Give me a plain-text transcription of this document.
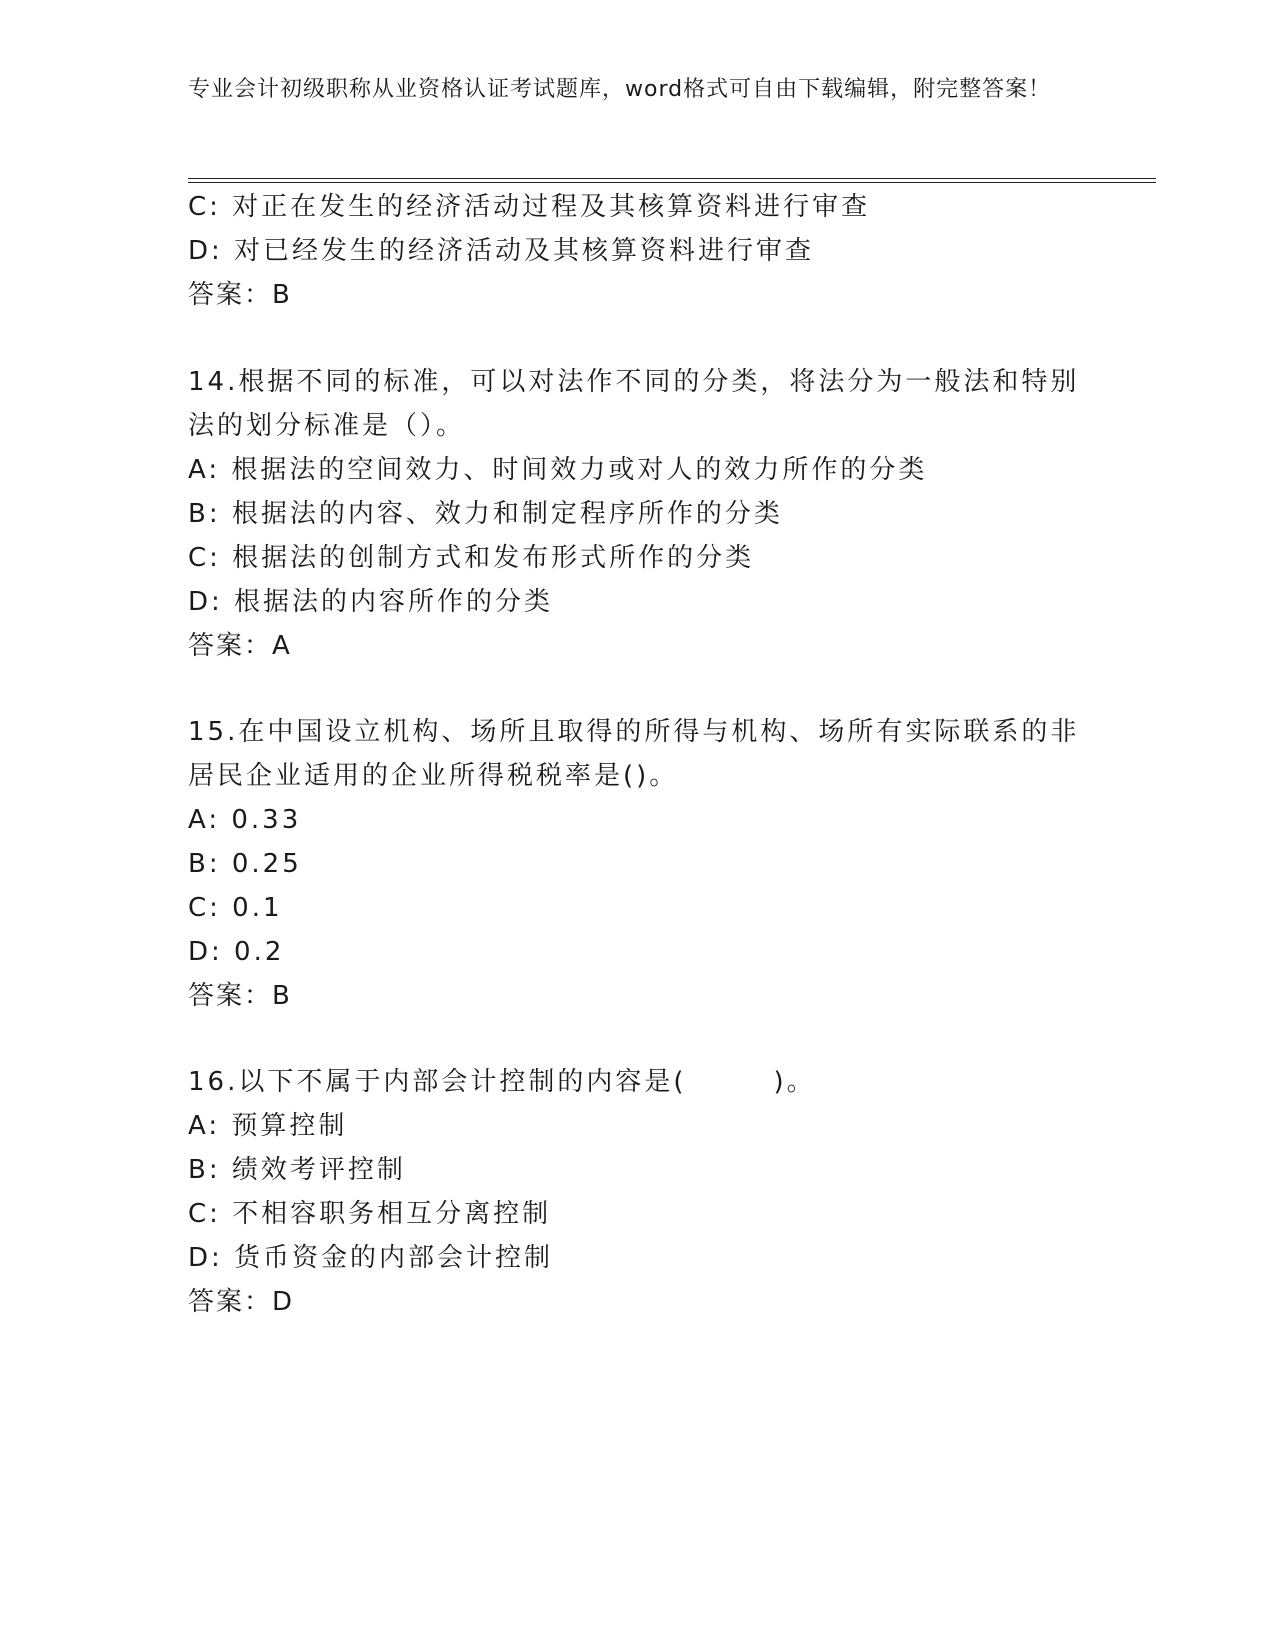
专业会计初级职称从业资格认证考试题库，word格式可自由下载编辑，附完整答案！
C: 对正在发生的经济活动过程及其核算资料进行审查
D: 对已经发生的经济活动及其核算资料进行审查
答案：B
14.根据不同的标准，可以对法作不同的分类，将法分为一般法和特别
法的划分标准是（）。
A: 根据法的空间效力、时间效力或对人的效力所作的分类
B: 根据法的内容、效力和制定程序所作的分类
C: 根据法的创制方式和发布形式所作的分类
D: 根据法的内容所作的分类
答案：A
15.在中国设立机构、场所且取得的所得与机构、场所有实际联系的非
居民企业适用的企业所得税税率是()。
A: 0.33
B: 0.25
C: 0.1
D: 0.2
答案：B
16.以下不属于内部会计控制的内容是(　　　)。
A: 预算控制
B: 绩效考评控制
C: 不相容职务相互分离控制
D: 货币资金的内部会计控制
答案：D
